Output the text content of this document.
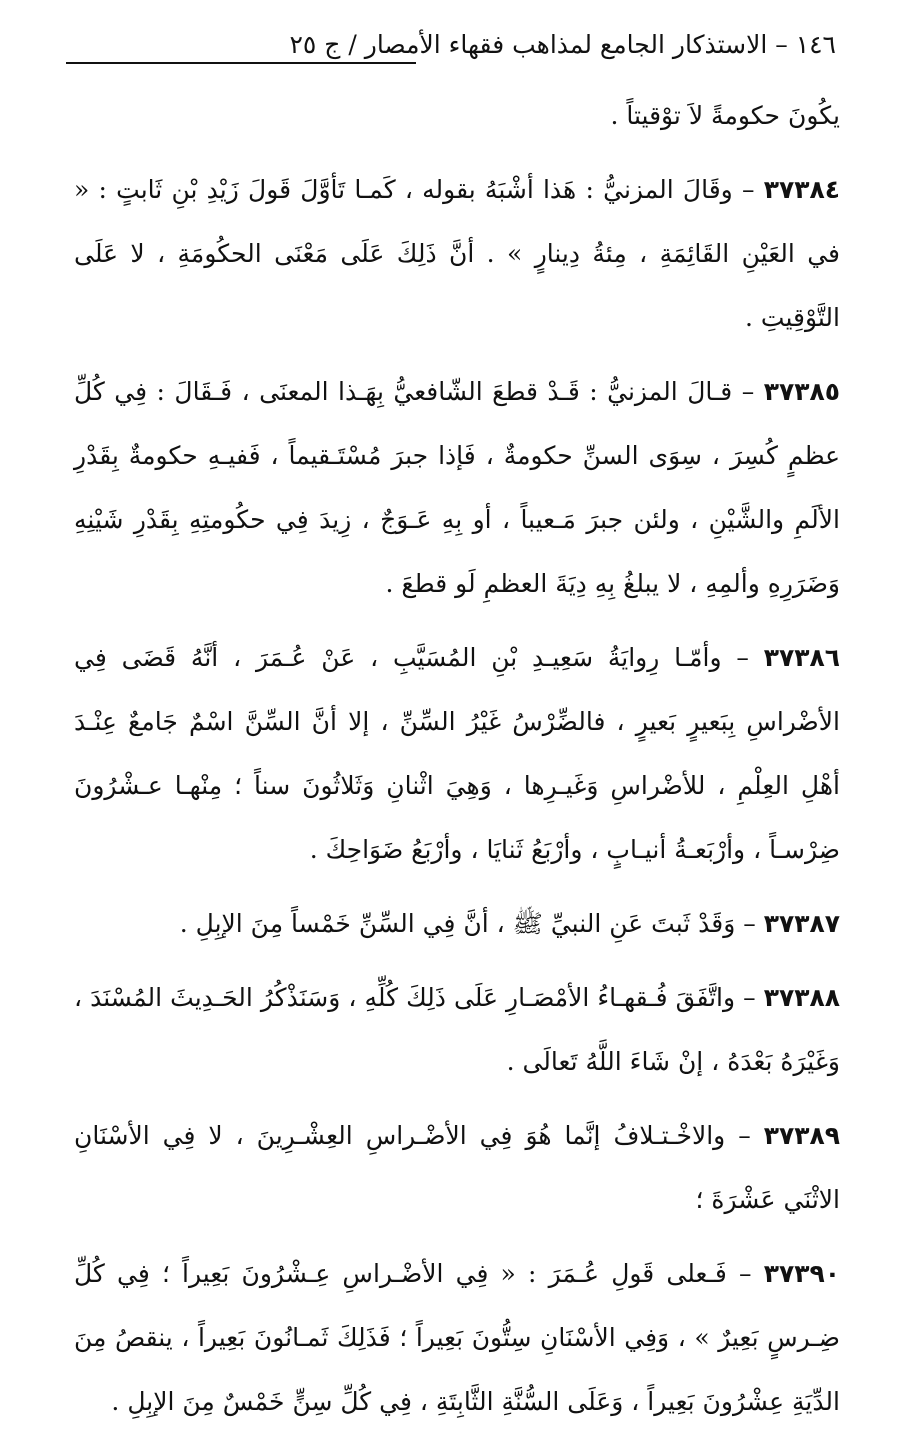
١٤٦ – الاستذكار الجامع لمذاهب فقهاء الأمصار / ج ٢٥

يكُونَ حكومةً لاَ توْقيتاً .

٣٧٣٨٤ – وقَالَ المزنيُّ : هَذا أشْبَهُ بقوله ، كَمـا تَأوَّلَ قَولَ زَيْدِ بْنِ ثَابتٍ : « في العَيْنِ القَائِمَةِ ، مِئةُ دِينارٍ » . أنَّ ذَلِكَ عَلَى مَعْنَى الحكُومَةِ ، لا عَلَى التَّوْقِيتِ .

٣٧٣٨٥ – قـالَ المزنيُّ : قَـدْ قطعَ الشّافعيُّ بِهَـذا المعنَى ، فَـقَالَ : فِي كُلِّ عظمٍ كُسِرَ ، سِوَى السنِّ حكومةٌ ، فَإذا جبرَ مُسْتَـقيماً ، فَفيـهِ حكومةٌ بِقَدْرِ الألَمِ والشَّيْنِ ، ولئن جبرَ مَـعيباً ، أو بِهِ عَـوَجٌ ، زِيدَ فِي حكُومتِهِ بِقَدْرِ شَيْنِهِ وَضَرَرِهِ وألمِهِ ، لا يبلغُ بِهِ دِيَةَ العظمِ لَو قطعَ .

٣٧٣٨٦ – وأمّـا رِوايَةُ سَعِيـدِ بْنِ المُسَيَّبِ ، عَنْ عُـمَرَ ، أنَّهُ قَضَى فِي الأضْراسِ بِبَعيرٍ بَعيرٍ ، فالضِّرْسُ غَيْرُ السِّنِّ ، إلا أنَّ السِّنَّ اسْمٌ جَامعٌ عِنْـدَ أهْلِ العِلْمِ ، للأضْراسِ وَغَيـرِها ، وَهِيَ اثْنانِ وَثَلاثُونَ سناً ؛ مِنْهـا عـشْرُونَ ضِرْسـاً ، وأرْبَعـةُ أنيـابٍ ، وأرْبَعُ ثَنايَا ، وأرْبَعُ ضَوَاحِكَ .

٣٧٣٨٧ – وَقَدْ ثَبتَ عَنِ النبيِّ ﷺ ، أنَّ فِي السِّنِّ خَمْساً مِنَ الإبِلِ .

٣٧٣٨٨ – واتَّفَقَ فُـقهـاءُ الأمْصَـارِ عَلَى ذَلِكَ كُلِّهِ ، وَسَنَذْكُرُ الحَـدِيثَ المُسْنَدَ ، وَغَيْرَهُ بَعْدَهُ ، إنْ شَاءَ اللَّهُ تَعالَى .

٣٧٣٨٩ – والاخْـتـلافُ إنَّما هُوَ فِي الأضْـراسِ العِشْـرِينَ ، لا فِي الأسْنَانِ الاثْنَي عَشْرَةَ ؛

٣٧٣٩٠ – فَـعلى قَولِ عُـمَرَ : « فِي الأضْـراسِ عِـشْرُونَ بَعِيراً ؛ فِي كُلِّ ضِـرسٍ بَعِيرٌ » ، وَفِي الأسْنَانِ سِتُّونَ بَعِيراً ؛ فَذَلِكَ ثَمـانُونَ بَعِيراً ، ينقصُ مِنَ الدِّيَةِ عِشْرُونَ بَعِيراً ، وَعَلَى السُّنَّةِ الثَّابِتَةِ ، فِي كُلِّ سِنٍّ خَمْسٌ مِنَ الإبِلِ .
